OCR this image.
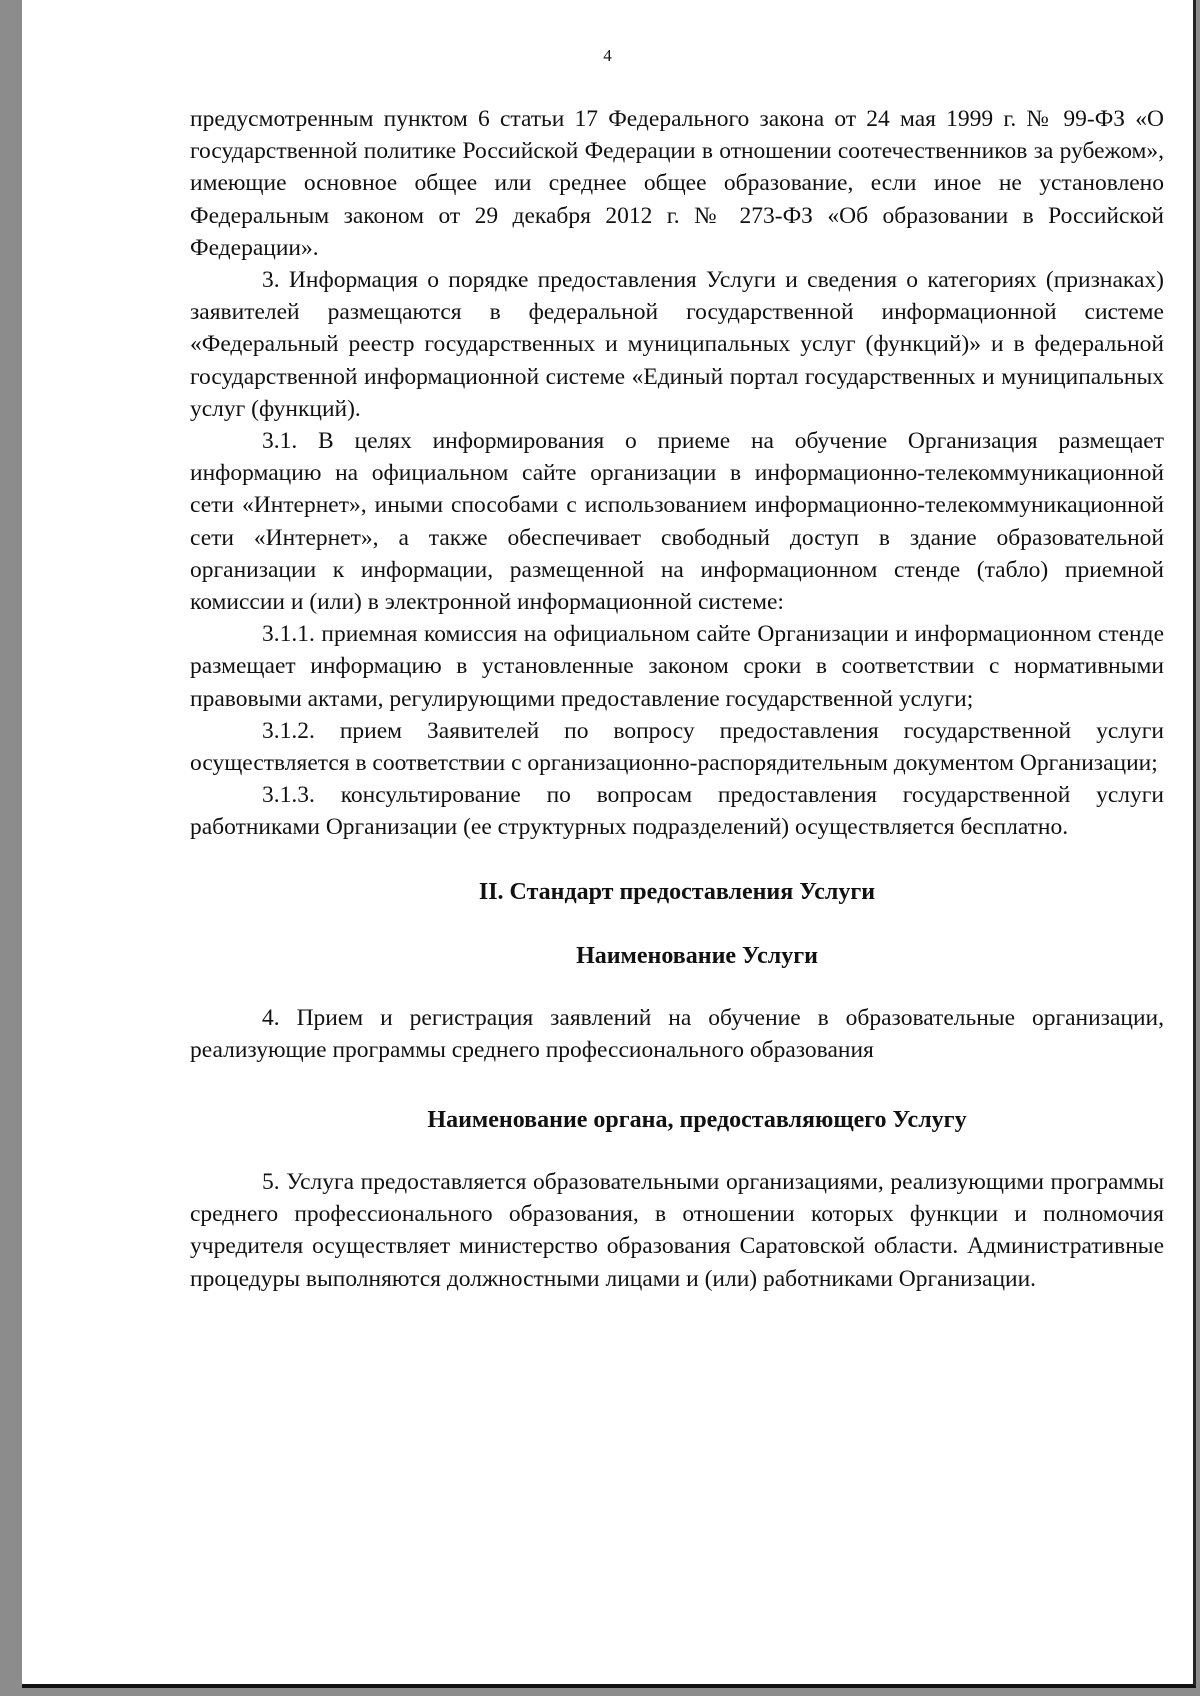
4

предусмотренным пунктом 6 статьи 17 Федерального закона от 24 мая 1999 г. № 99-ФЗ «О государственной политике Российской Федерации в отношении соотечественников за рубежом», имеющие основное общее или среднее общее образование, если иное не установлено Федеральным законом от 29 декабря 2012 г. № 273-ФЗ «Об образовании в Российской Федерации».

3. Информация о порядке предоставления Услуги и сведения о категориях (признаках) заявителей размещаются в федеральной государственной информационной системе «Федеральный реестр государственных и муниципальных услуг (функций)» и в федеральной государственной информационной системе «Единый портал государственных и муниципальных услуг (функций).

3.1. В целях информирования о приеме на обучение Организация размещает информацию на официальном сайте организации в информационно-телекоммуникационной сети «Интернет», иными способами с использованием информационно-телекоммуникационной сети «Интернет», а также обеспечивает свободный доступ в здание образовательной организации к информации, размещенной на информационном стенде (табло) приемной комиссии и (или) в электронной информационной системе:

3.1.1. приемная комиссия на официальном сайте Организации и информационном стенде размещает информацию в установленные законом сроки в соответствии с нормативными правовыми актами, регулирующими предоставление государственной услуги;

3.1.2. прием Заявителей по вопросу предоставления государственной услуги осуществляется в соответствии с организационно-распорядительным документом Организации;

3.1.3. консультирование по вопросам предоставления государственной услуги работниками Организации (ее структурных подразделений) осуществляется бесплатно.

II. Стандарт предоставления Услуги
Наименование Услуги

4. Прием и регистрация заявлений на обучение в образовательные организации, реализующие программы среднего профессионального образования

Наименование органа, предоставляющего Услугу

5. Услуга предоставляется образовательными организациями, реализующими программы среднего профессионального образования, в отношении которых функции и полномочия учредителя осуществляет министерство образования Саратовской области. Административные процедуры выполняются должностными лицами и (или) работниками Организации.
